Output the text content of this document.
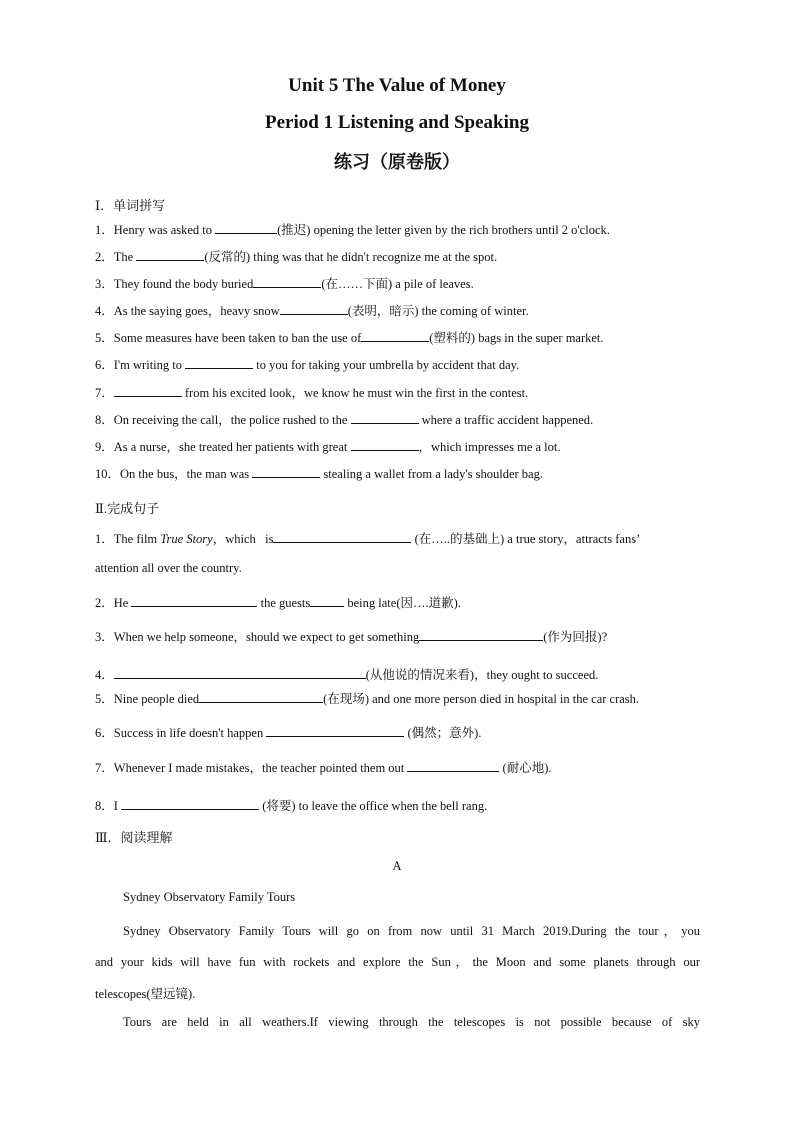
Unit 5 The Value of Money
Period 1 Listening and Speaking
练习（原卷版）
Ⅰ．单词拼写
1．Henry was asked to	(推迟) opening the letter given by the rich brothers until 2 o'clock.
2．The	(反常的) thing was that he didn't recognize me at the spot.
3．They found the body buried	(在……下面) a pile of leaves.
4．As the saying goes，heavy snow	(表明，暗示) the coming of winter.
5．Some measures have been taken to ban the use of	(塑料的) bags in the super market.
6．I'm writing to	to you for taking your umbrella by accident that day.
7．	from his excited look，we know he must win the first in the contest.
8．On receiving the call，the police rushed to the	where a traffic accident happened.
9．As a nurse，she treated her patients with great	，which impresses me a lot.
10．On the bus，the man was	stealing a wallet from a lady's shoulder bag.
Ⅱ.完成句子
1．The film True Story，which   is	(在…..的基础上) a true story，attracts fans’
attention all over the country.
2．He	the guests	being late(因….道歉).
3．When we help someone，should we expect to get something	(作为回报)?
4．	(从他说的情况来看)，they ought to succeed.
5．Nine people died	(在现场) and one more person died in hospital in the car crash.
6．Success in life doesn't happen	(偶然；意外).
7．Whenever I made mistakes，the teacher pointed them out	(耐心地).
8．I	(将要) to leave the office when the bell rang.
Ⅲ．阅读理解
A
Sydney Observatory Family Tours
Sydney Observatory Family Tours will go on from now until 31 March 2019.During the tour，you
and your kids will have fun with rockets and explore the Sun，the Moon and some planets through our
telescopes(望远镜).
Tours are held in all weathers.If viewing through the telescopes is not possible because of sky
